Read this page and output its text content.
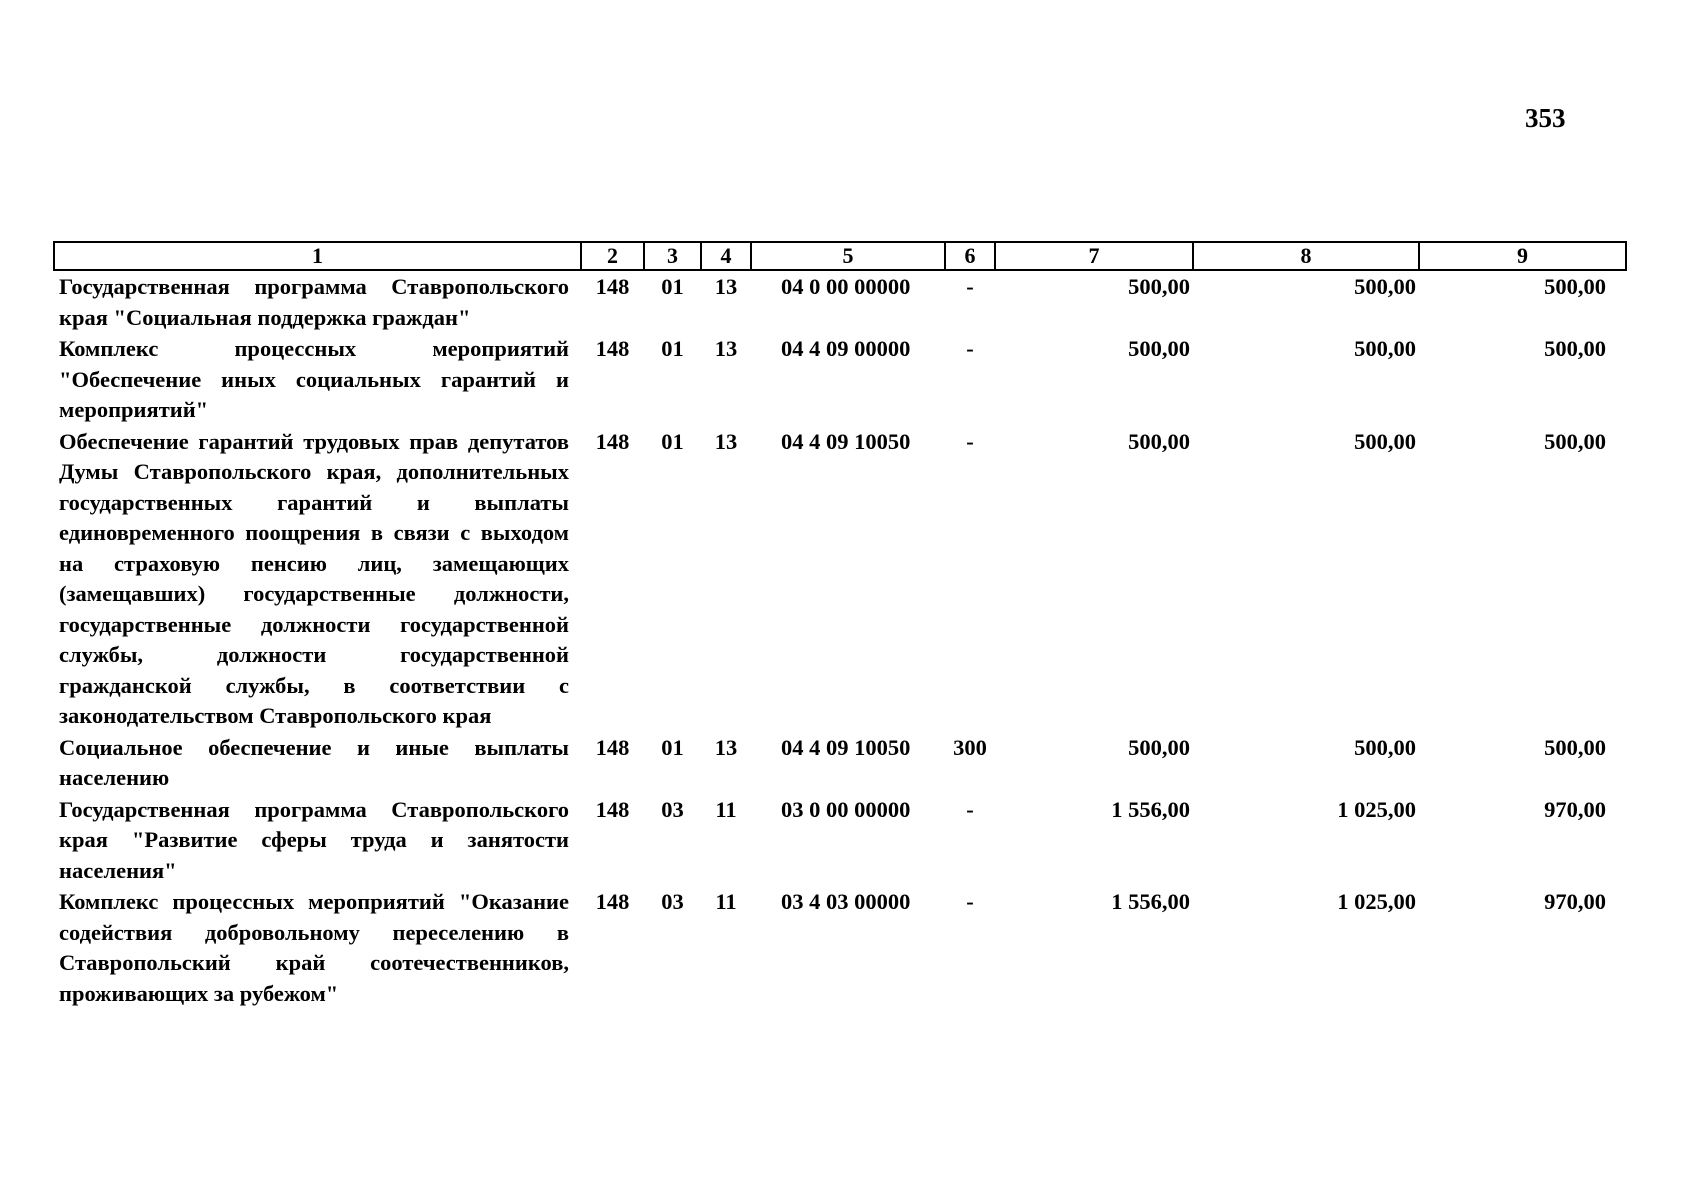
353
1	2	3	4	5	6	7	8	9
Государственная программа Ставропольского края "Социальная поддержка граждан"	148	01	13	04 0 00 00000	-	500,00	500,00	500,00
Комплекс процессных мероприятий "Обеспечение иных социальных гарантий и мероприятий"	148	01	13	04 4 09 00000	-	500,00	500,00	500,00
Обеспечение гарантий трудовых прав депутатов Думы Ставропольского края, дополнительных государственных гарантий и выплаты единовременного поощрения в связи с выходом на страховую пенсию лиц, замещающих (замещавших) государственные должности, государственные должности государственной службы, должности государственной гражданской службы, в соответствии с законодательством Ставропольского края	148	01	13	04 4 09 10050	-	500,00	500,00	500,00
Социальное обеспечение и иные выплаты населению	148	01	13	04 4 09 10050	300	500,00	500,00	500,00
Государственная программа Ставропольского края "Развитие сферы труда и занятости населения"	148	03	11	03 0 00 00000	-	1 556,00	1 025,00	970,00
Комплекс процессных мероприятий "Оказание содействия добровольному переселению в Ставропольский край соотечественников, проживающих за рубежом"	148	03	11	03 4 03 00000	-	1 556,00	1 025,00	970,00
